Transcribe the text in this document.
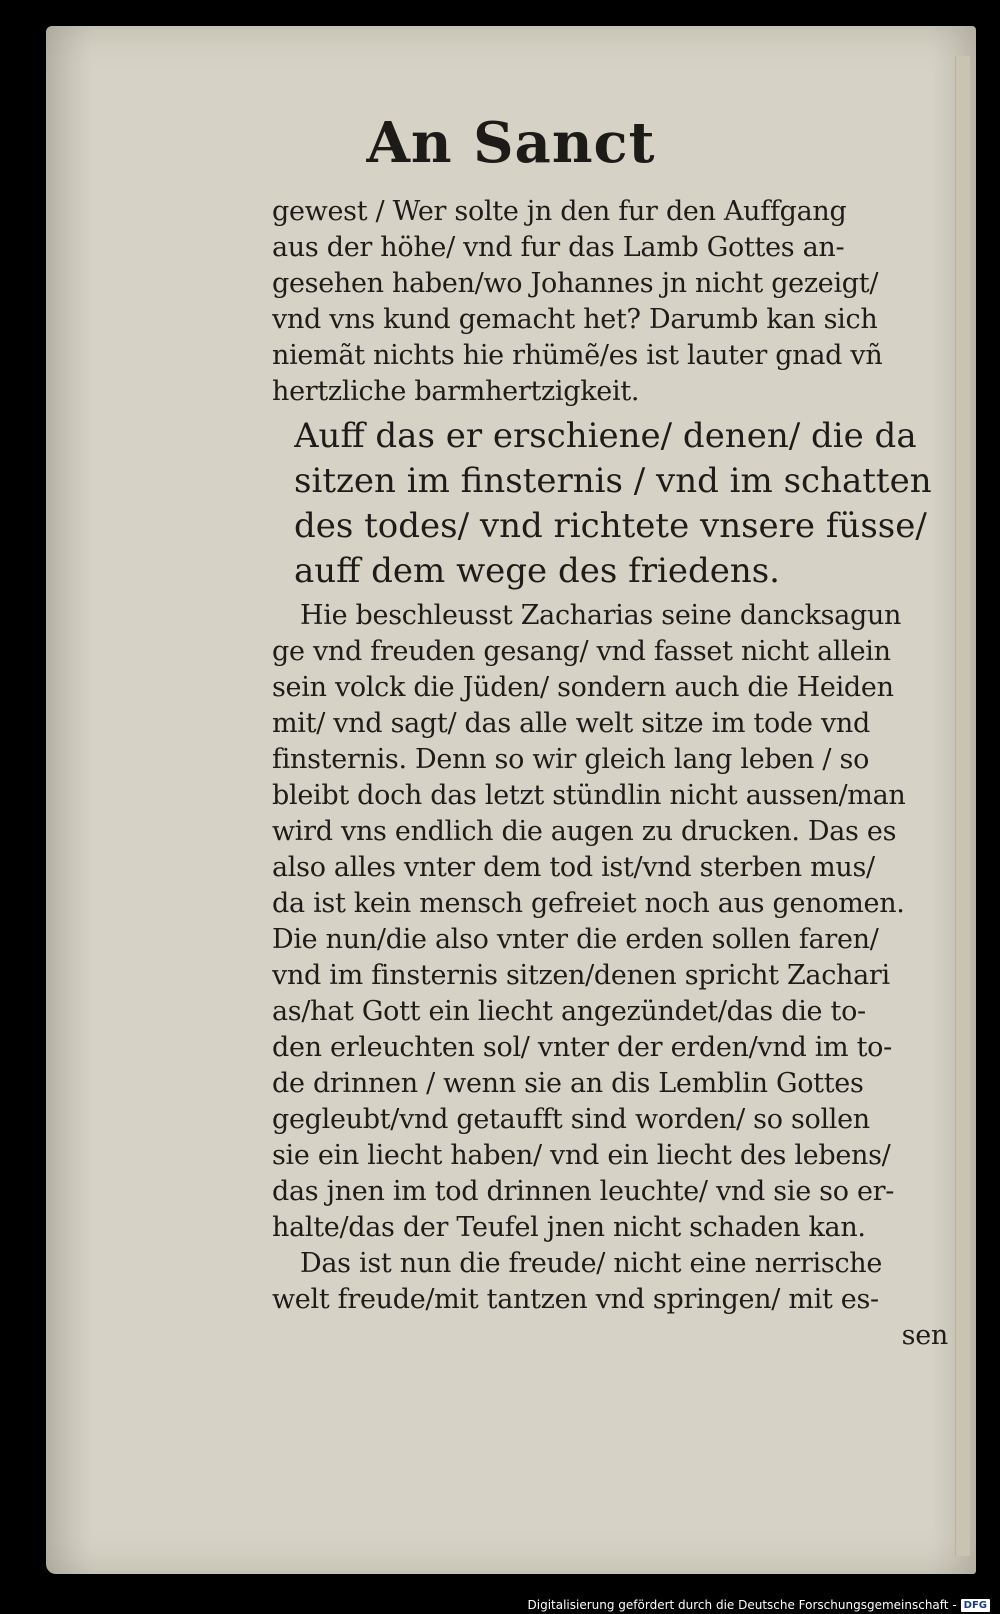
An Sanct
gewest / Wer solte jn den fur den Auffgang
aus der höhe/ vnd fur das Lamb Gottes an-
gesehen haben/wo Johannes jn nicht gezeigt/
vnd vns kund gemacht het? Darumb kan sich
niemãt nichts hie rhümẽ/es ist lauter gnad vñ
hertzliche barmhertzigkeit.
Auff das er erschiene/ denen/ die da
sitzen im finsternis / vnd im schatten
des todes/ vnd richtete vnsere füsse/
auff dem wege des friedens.
Hie beschleusst Zacharias seine dancksagun
ge vnd freuden gesang/ vnd fasset nicht allein
sein volck die Jüden/ sondern auch die Heiden
mit/ vnd sagt/ das alle welt sitze im tode vnd
finsternis. Denn so wir gleich lang leben / so
bleibt doch das letzt stündlin nicht aussen/man
wird vns endlich die augen zu drucken. Das es
also alles vnter dem tod ist/vnd sterben mus/
da ist kein mensch gefreiet noch aus genomen.
Die nun/die also vnter die erden sollen faren/
vnd im finsternis sitzen/denen spricht Zachari
as/hat Gott ein liecht angezündet/das die to-
den erleuchten sol/ vnter der erden/vnd im to-
de drinnen / wenn sie an dis Lemblin Gottes
gegleubt/vnd getaufft sind worden/ so sollen
sie ein liecht haben/ vnd ein liecht des lebens/
das jnen im tod drinnen leuchte/ vnd sie so er-
halte/das der Teufel jnen nicht schaden kan.
Das ist nun die freude/ nicht eine nerrische
welt freude/mit tantzen vnd springen/ mit es-
sen
Digitalisierung gefördert durch die Deutsche Forschungsgemeinschaft - DFG
